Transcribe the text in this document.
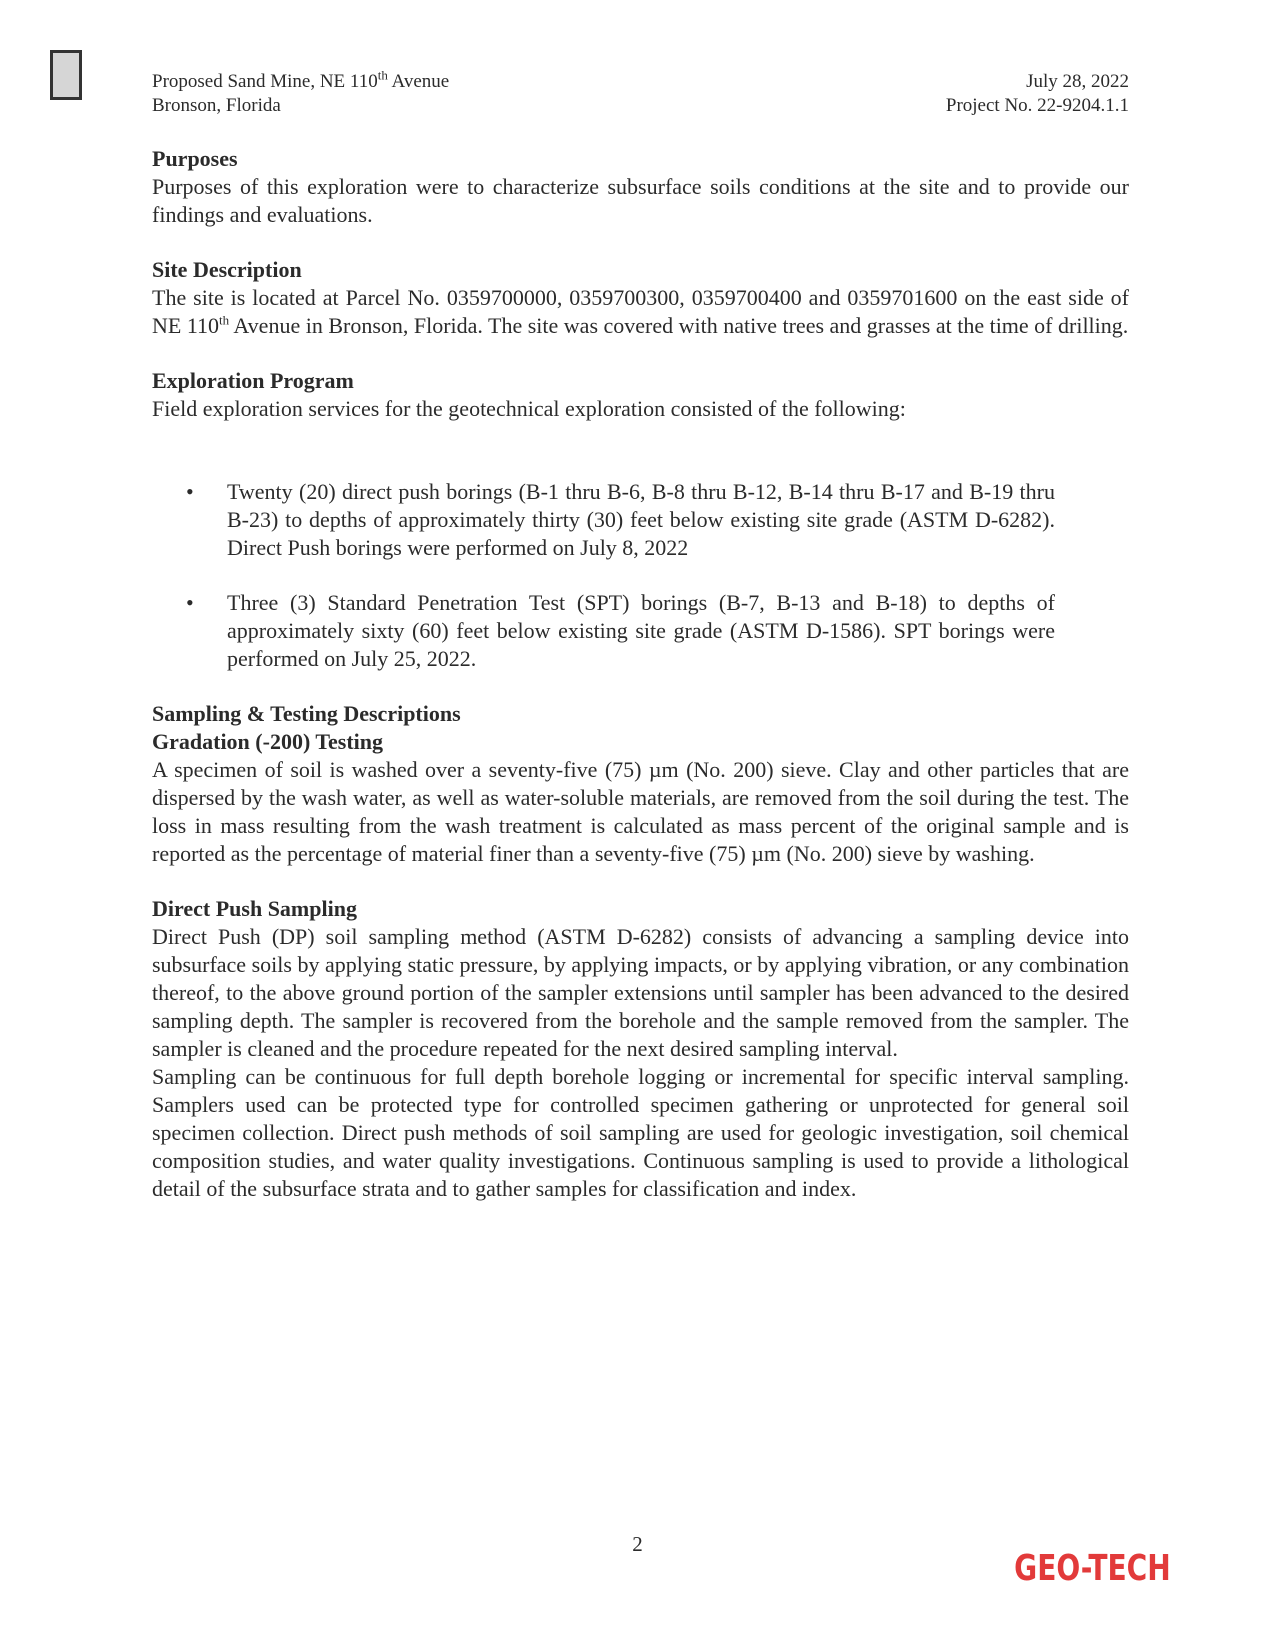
Proposed Sand Mine, NE 110th Avenue
Bronson, Florida
July 28, 2022
Project No. 22-9204.1.1
Purposes

Purposes of this exploration were to characterize subsurface soils conditions at the site and to provide our findings and evaluations.

Site Description

The site is located at Parcel No. 0359700000, 0359700300, 0359700400 and 0359701600 on the east side of NE 110th Avenue in Bronson, Florida. The site was covered with native trees and grasses at the time of drilling.

Exploration Program

Field exploration services for the geotechnical exploration consisted of the following:

• Twenty (20) direct push borings (B-1 thru B-6, B-8 thru B-12, B-14 thru B-17 and B-19 thru B-23) to depths of approximately thirty (30) feet below existing site grade (ASTM D-6282). Direct Push borings were performed on July 8, 2022
• Three (3) Standard Penetration Test (SPT) borings (B-7, B-13 and B-18) to depths of approximately sixty (60) feet below existing site grade (ASTM D-1586). SPT borings were performed on July 25, 2022.
Sampling & Testing Descriptions
Gradation (-200) Testing

A specimen of soil is washed over a seventy-five (75) µm (No. 200) sieve. Clay and other particles that are dispersed by the wash water, as well as water-soluble materials, are removed from the soil during the test. The loss in mass resulting from the wash treatment is calculated as mass percent of the original sample and is reported as the percentage of material finer than a seventy-five (75) µm (No. 200) sieve by washing.

Direct Push Sampling

Direct Push (DP) soil sampling method (ASTM D-6282) consists of advancing a sampling device into subsurface soils by applying static pressure, by applying impacts, or by applying vibration, or any combination thereof, to the above ground portion of the sampler extensions until sampler has been advanced to the desired sampling depth. The sampler is recovered from the borehole and the sample removed from the sampler. The sampler is cleaned and the procedure repeated for the next desired sampling interval.

Sampling can be continuous for full depth borehole logging or incremental for specific interval sampling. Samplers used can be protected type for controlled specimen gathering or unprotected for general soil specimen collection. Direct push methods of soil sampling are used for geologic investigation, soil chemical composition studies, and water quality investigations. Continuous sampling is used to provide a lithological detail of the subsurface strata and to gather samples for classification and index.

2
GEO-TECH
